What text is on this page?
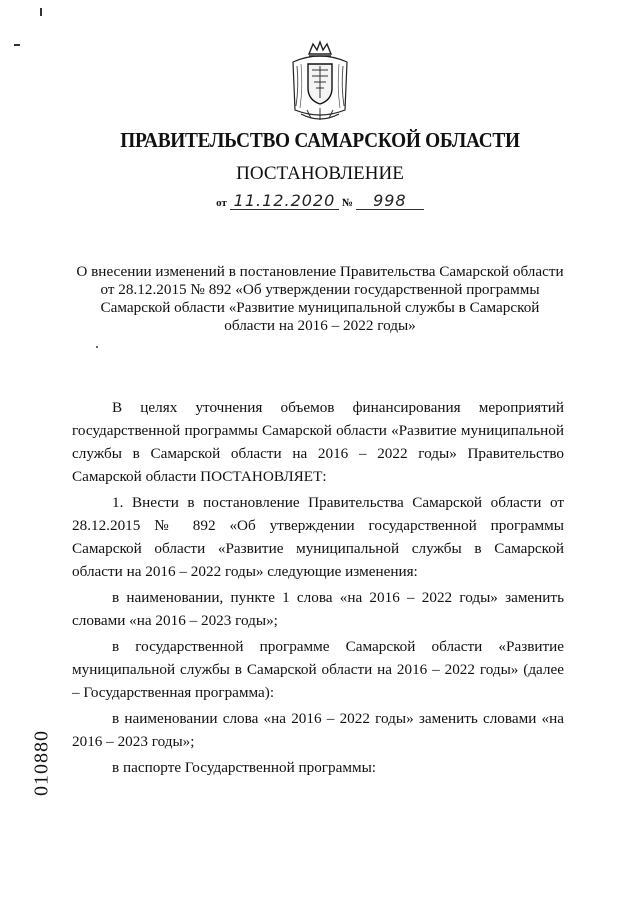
ПРАВИТЕЛЬСТВО САМАРСКОЙ ОБЛАСТИ
ПОСТАНОВЛЕНИЕ
от 11.12.2020 № 998
О внесении изменений в постановление Правительства Самарской области
от 28.12.2015 № 892 «Об утверждении государственной программы
Самарской области «Развитие муниципальной службы в Самарской
области на 2016 – 2022 годы»

В целях уточнения объемов финансирования мероприятий государственной программы Самарской области «Развитие муниципальной службы в Самарской области на 2016 – 2022 годы» Правительство Самарской области ПОСТАНОВЛЯЕТ:

1. Внести в постановление Правительства Самарской области от 28.12.2015 № 892 «Об утверждении государственной программы Самарской области «Развитие муниципальной службы в Самарской области на 2016 – 2022 годы» следующие изменения:

в наименовании, пункте 1 слова «на 2016 – 2022 годы» заменить словами «на 2016 – 2023 годы»;

в государственной программе Самарской области «Развитие муниципальной службы в Самарской области на 2016 – 2022 годы» (далее – Государственная программа):

в наименовании слова «на 2016 – 2022 годы» заменить словами «на 2016 – 2023 годы»;

в паспорте Государственной программы:

010880
